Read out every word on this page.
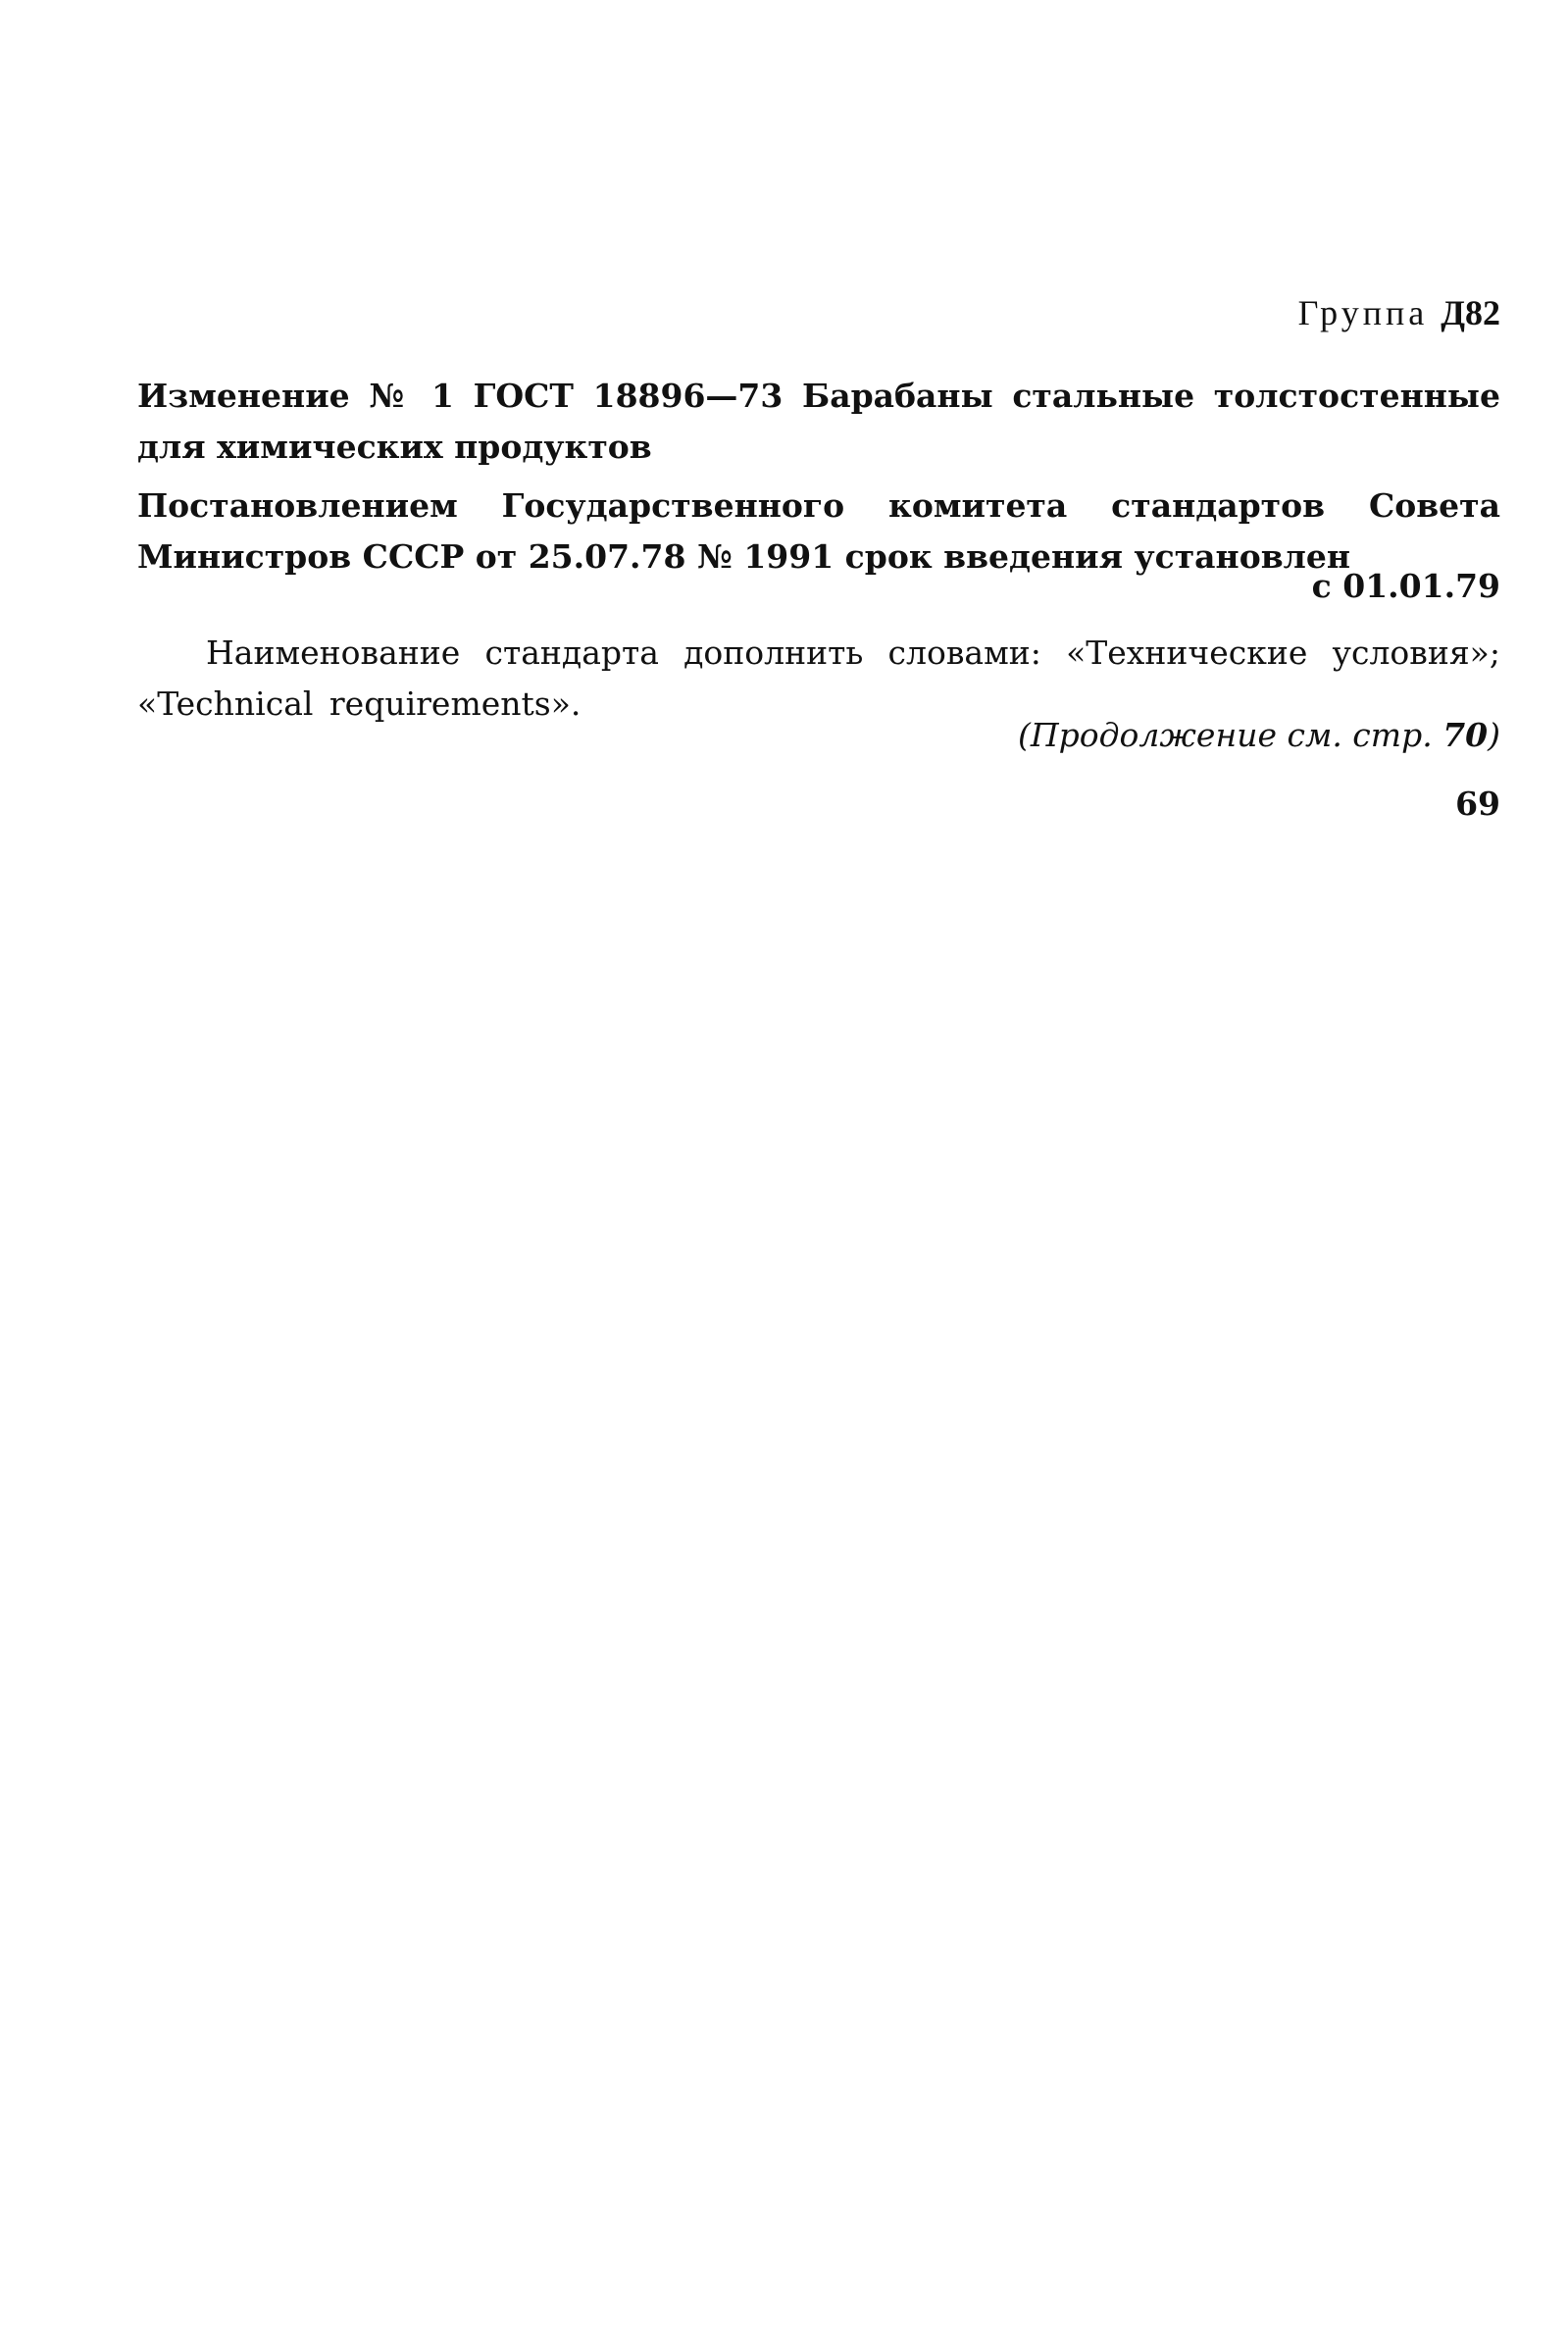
Группа Д82
Изменение № 1 ГОСТ 18896—73 Барабаны стальные толстостенные для химических продуктов
Постановлением Государственного комитета стандартов Совета Министров СССР от 25.07.78 № 1991 срок введения установлен
с 01.01.79
Наименование стандарта дополнить словами: «Технические условия»; «Technical requirements».
(Продолжение см. стр. 70)
69
